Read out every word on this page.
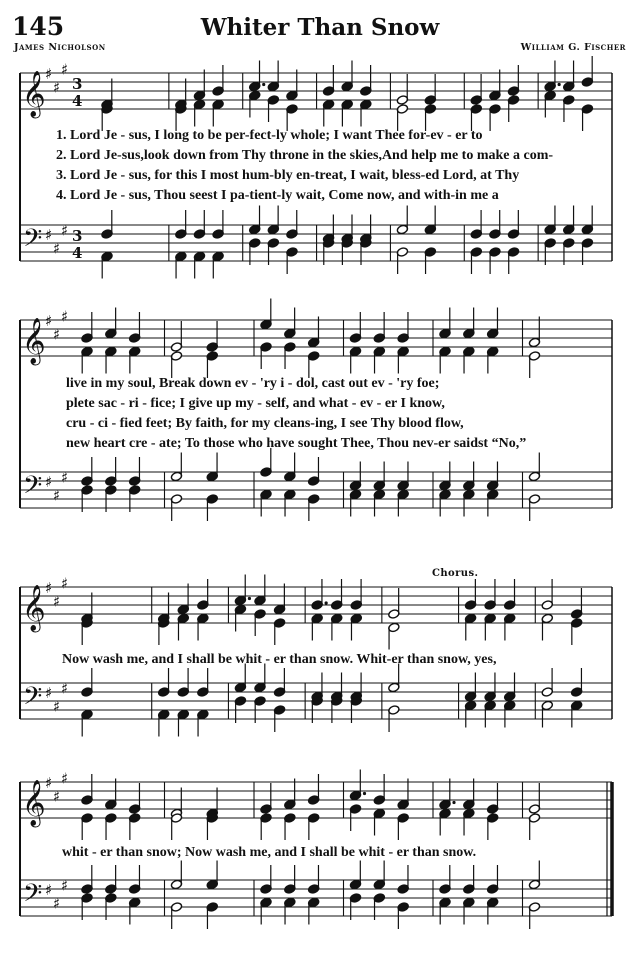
145	Whiter Than Snow
James Nicholson	William G. Fischer
𝄞
𝄢
♯
♯
♯
♯
♯
♯
3
4
3
4
1. Lord Je - sus, I long to be per-fect-ly whole; I want Thee for-ev - er to
2. Lord Je-sus,look down from Thy throne in the skies,And help me to make a com-
3. Lord Je - sus, for this I most hum-bly en-treat, I wait, bless-ed Lord, at Thy
4. Lord Je - sus, Thou seest I pa-tient-ly wait, Come now, and with-in me a
𝄞
𝄢
♯
♯
♯
♯
♯
♯
live in my soul, Break down ev - 'ry i - dol, cast out ev - 'ry foe;
plete sac - ri - fice; I give up my - self, and what - ev - er I know,
cru - ci - fied feet; By faith, for my cleans-ing, I see Thy blood flow,
new heart cre - ate; To those who have sought Thee, Thou nev-er saidst “No,”
Chorus.
𝄞
𝄢
♯
♯
♯
♯
♯
♯
Now wash me, and I shall be whit - er than snow. Whit-er than snow, yes,
𝄞
𝄢
♯
♯
♯
♯
♯
♯
whit - er than snow; Now wash me, and I shall be whit - er than snow.
